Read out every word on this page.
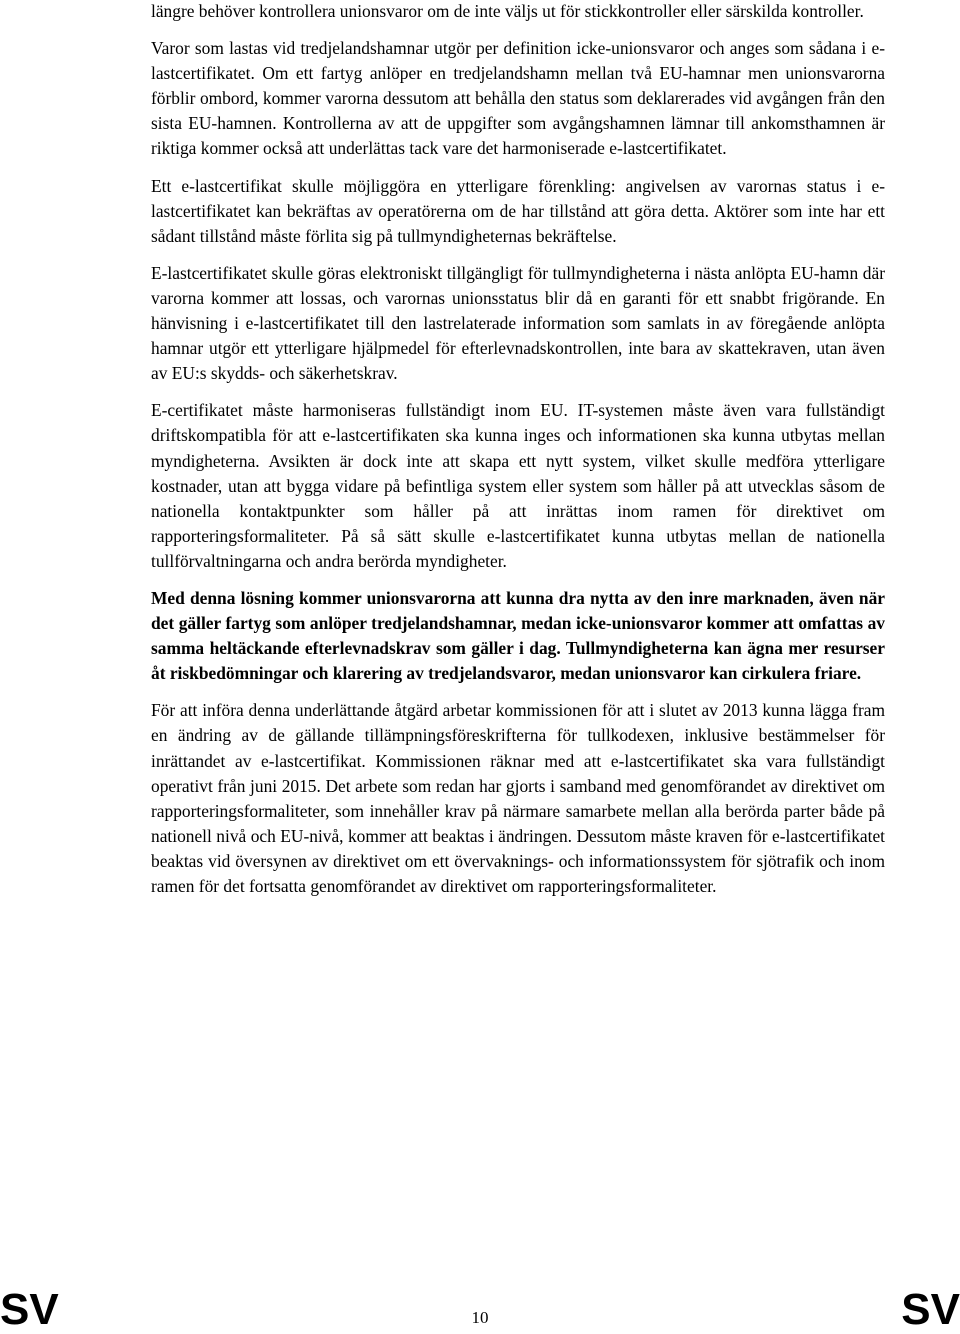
längre behöver kontrollera unionsvaror om de inte väljs ut för stickkontroller eller särskilda kontroller.

Varor som lastas vid tredjelandshamnar utgör per definition icke-unionsvaror och anges som sådana i e-lastcertifikatet. Om ett fartyg anlöper en tredjelandshamn mellan två EU-hamnar men unionsvarorna förblir ombord, kommer varorna dessutom att behålla den status som deklarerades vid avgången från den sista EU-hamnen. Kontrollerna av att de uppgifter som avgångshamnen lämnar till ankomsthamnen är riktiga kommer också att underlättas tack vare det harmoniserade e-lastcertifikatet.

Ett e-lastcertifikat skulle möjliggöra en ytterligare förenkling: angivelsen av varornas status i e-lastcertifikatet kan bekräftas av operatörerna om de har tillstånd att göra detta. Aktörer som inte har ett sådant tillstånd måste förlita sig på tullmyndigheternas bekräftelse.

E-lastcertifikatet skulle göras elektroniskt tillgängligt för tullmyndigheterna i nästa anlöpta EU-hamn där varorna kommer att lossas, och varornas unionsstatus blir då en garanti för ett snabbt frigörande. En hänvisning i e-lastcertifikatet till den lastrelaterade information som samlats in av föregående anlöpta hamnar utgör ett ytterligare hjälpmedel för efterlevnadskontrollen, inte bara av skattekraven, utan även av EU:s skydds- och säkerhetskrav.

E-certifikatet måste harmoniseras fullständigt inom EU. IT-systemen måste även vara fullständigt driftskompatibla för att e-lastcertifikaten ska kunna inges och informationen ska kunna utbytas mellan myndigheterna. Avsikten är dock inte att skapa ett nytt system, vilket skulle medföra ytterligare kostnader, utan att bygga vidare på befintliga system eller system som håller på att utvecklas såsom de nationella kontaktpunkter som håller på att inrättas inom ramen för direktivet om rapporteringsformaliteter. På så sätt skulle e-lastcertifikatet kunna utbytas mellan de nationella tullförvaltningarna och andra berörda myndigheter.

Med denna lösning kommer unionsvarorna att kunna dra nytta av den inre marknaden, även när det gäller fartyg som anlöper tredjelandshamnar, medan icke-unionsvaror kommer att omfattas av samma heltäckande efterlevnadskrav som gäller i dag. Tullmyndigheterna kan ägna mer resurser åt riskbedömningar och klarering av tredjelandsvaror, medan unionsvaror kan cirkulera friare.

För att införa denna underlättande åtgärd arbetar kommissionen för att i slutet av 2013 kunna lägga fram en ändring av de gällande tillämpningsföreskrifterna för tullkodexen, inklusive bestämmelser för inrättandet av e-lastcertifikat. Kommissionen räknar med att e-lastcertifikatet ska vara fullständigt operativt från juni 2015. Det arbete som redan har gjorts i samband med genomförandet av direktivet om rapporteringsformaliteter, som innehåller krav på närmare samarbete mellan alla berörda parter både på nationell nivå och EU-nivå, kommer att beaktas i ändringen. Dessutom måste kraven för e-lastcertifikatet beaktas vid översynen av direktivet om ett övervaknings- och informationssystem för sjötrafik och inom ramen för det fortsatta genomförandet av direktivet om rapporteringsformaliteter.

SV	10	SV
